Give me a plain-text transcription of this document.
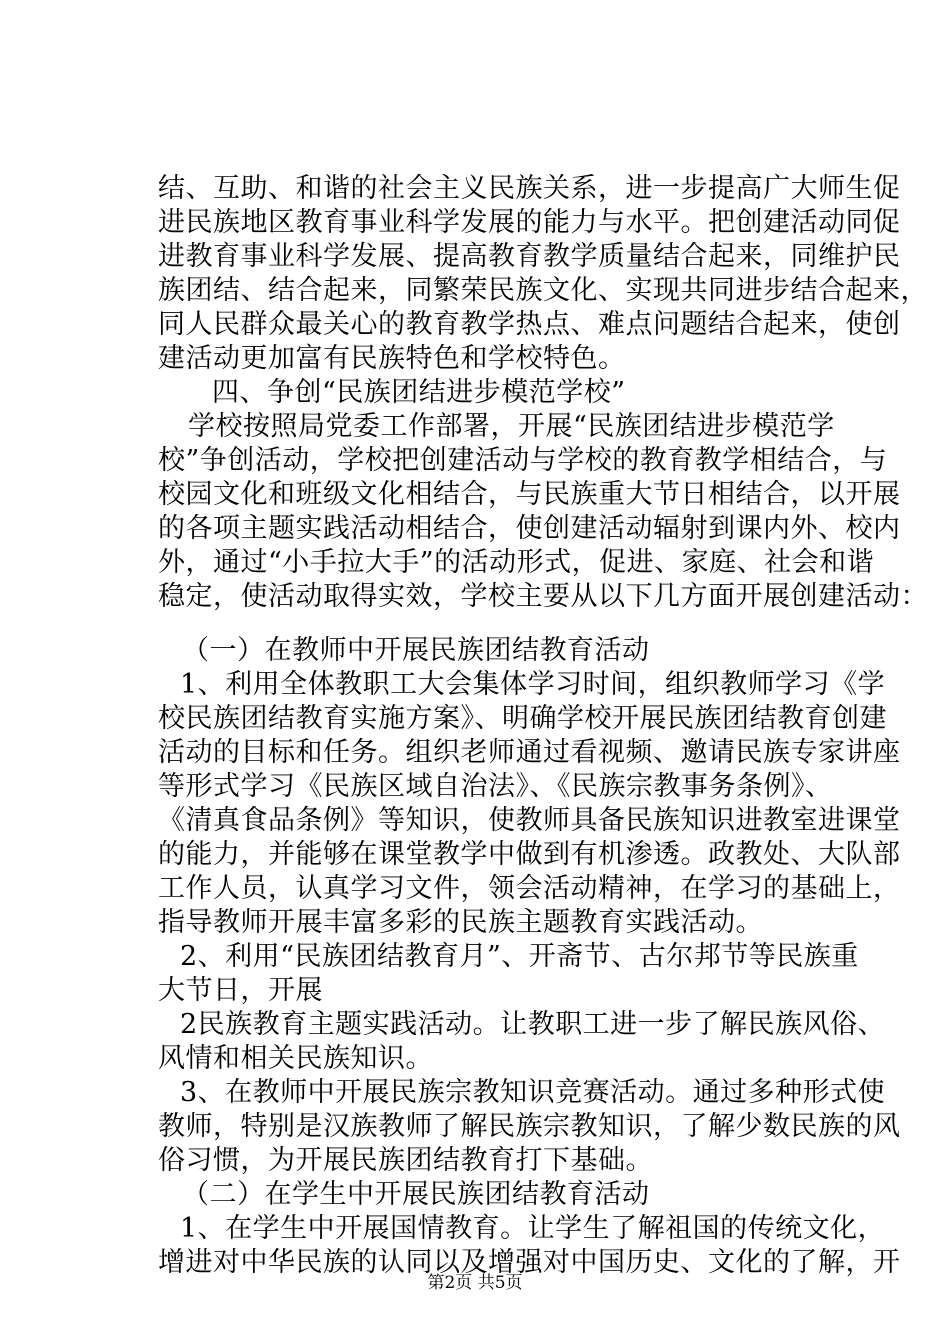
结、互助、和谐的社会主义民族关系，进一步提高广大师生促
进民族地区教育事业科学发展的能力与水平。把创建活动同促
进教育事业科学发展、提高教育教学质量结合起来，同维护民
族团结、结合起来，同繁荣民族文化、实现共同进步结合起来，
同人民群众最关心的教育教学热点、难点问题结合起来，使创
建活动更加富有民族特色和学校特色。
四、争创“民族团结进步模范学校”
学校按照局党委工作部署，开展“民族团结进步模范学
校”争创活动，学校把创建活动与学校的教育教学相结合，与
校园文化和班级文化相结合，与民族重大节日相结合，以开展
的各项主题实践活动相结合，使创建活动辐射到课内外、校内
外，通过“小手拉大手”的活动形式，促进、家庭、社会和谐
稳定，使活动取得实效，学校主要从以下几方面开展创建活动：
（一）在教师中开展民族团结教育活动
1、利用全体教职工大会集体学习时间，组织教师学习《学
校民族团结教育实施方案》、明确学校开展民族团结教育创建
活动的目标和任务。组织老师通过看视频、邀请民族专家讲座
等形式学习《民族区域自治法》、《民族宗教事务条例》、
《清真食品条例》等知识，使教师具备民族知识进教室进课堂
的能力，并能够在课堂教学中做到有机渗透。政教处、大队部
工作人员，认真学习文件，领会活动精神，在学习的基础上，
指导教师开展丰富多彩的民族主题教育实践活动。
2、利用“民族团结教育月”、开斋节、古尔邦节等民族重
大节日，开展
2民族教育主题实践活动。让教职工进一步了解民族风俗、
风情和相关民族知识。
3、在教师中开展民族宗教知识竞赛活动。通过多种形式使
教师，特别是汉族教师了解民族宗教知识，了解少数民族的风
俗习惯，为开展民族团结教育打下基础。
（二）在学生中开展民族团结教育活动
1、在学生中开展国情教育。让学生了解祖国的传统文化，
增进对中华民族的认同以及增强对中国历史、文化的了解，开
第2页 共5页
